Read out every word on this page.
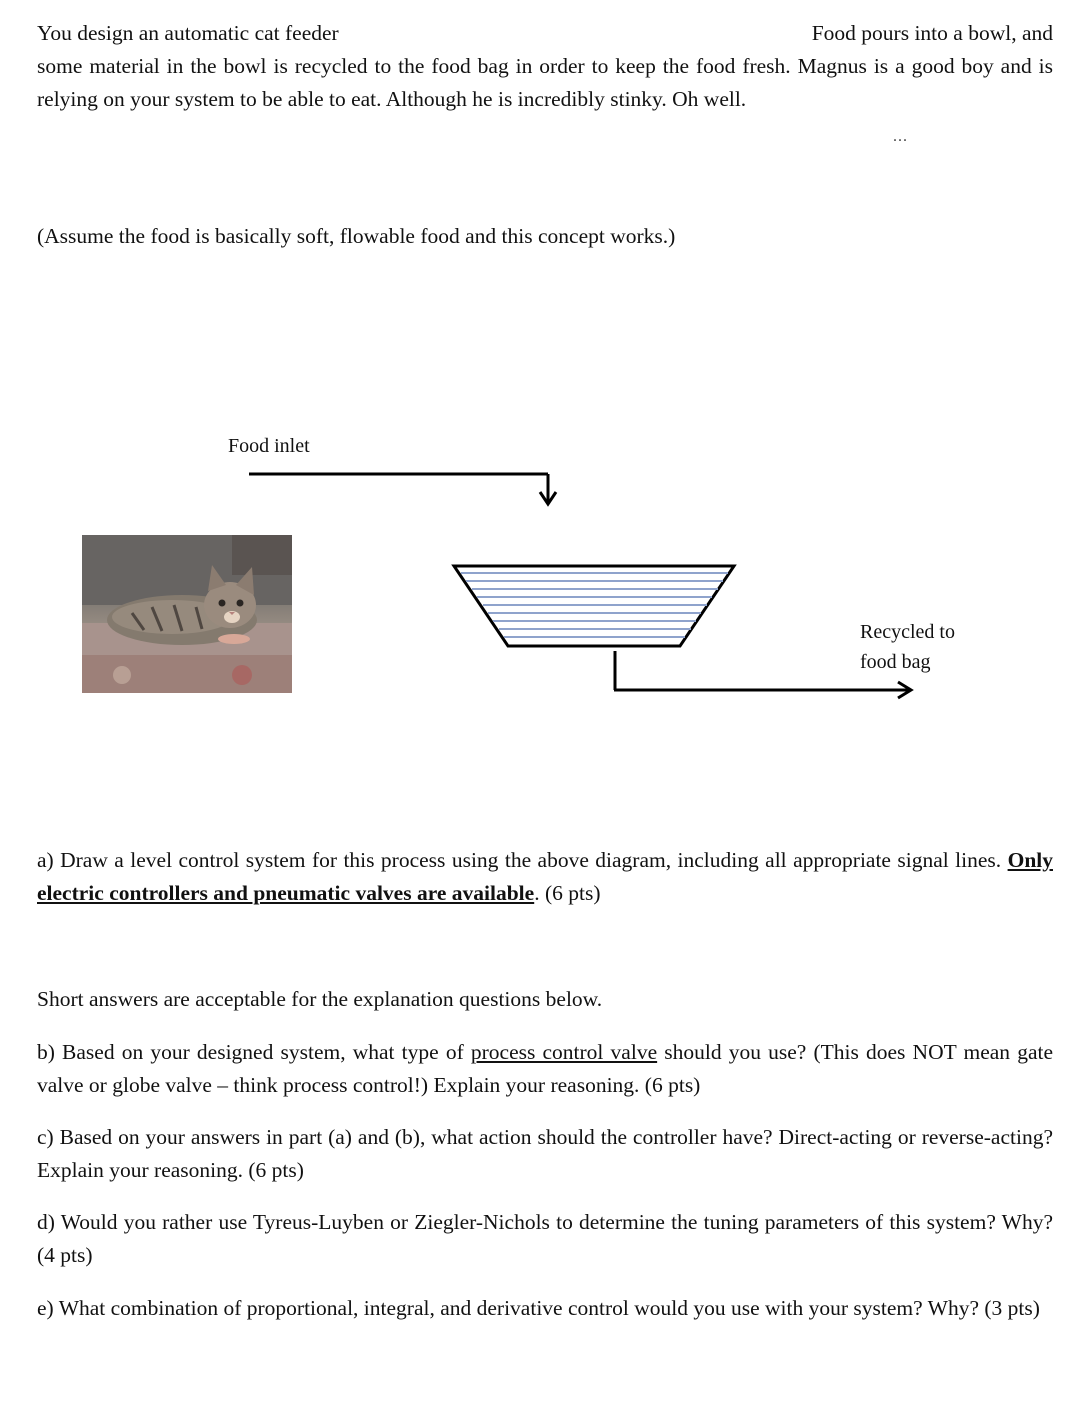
You design an automatic cat feeder	Food pours into a bowl, and

some material in the bowl is recycled to the food bag in order to keep the food fresh. Magnus is a good boy and is relying on your system to be able to eat. Although he is incredibly stinky. Oh well.

...

(Assume the food is basically soft, flowable food and this concept works.)

Food inlet
Recycled to
food bag

a) Draw a level control system for this process using the above diagram, including all appropriate signal lines. Only electric controllers and pneumatic valves are available. (6 pts)

Short answers are acceptable for the explanation questions below.

b) Based on your designed system, what type of process control valve should you use? (This does NOT mean gate valve or globe valve – think process control!) Explain your reasoning. (6 pts)

c) Based on your answers in part (a) and (b), what action should the controller have? Direct-acting or reverse-acting? Explain your reasoning. (6 pts)

d) Would you rather use Tyreus-Luyben or Ziegler-Nichols to determine the tuning parameters of this system? Why? (4 pts)

e) What combination of proportional, integral, and derivative control would you use with your system? Why? (3 pts)
